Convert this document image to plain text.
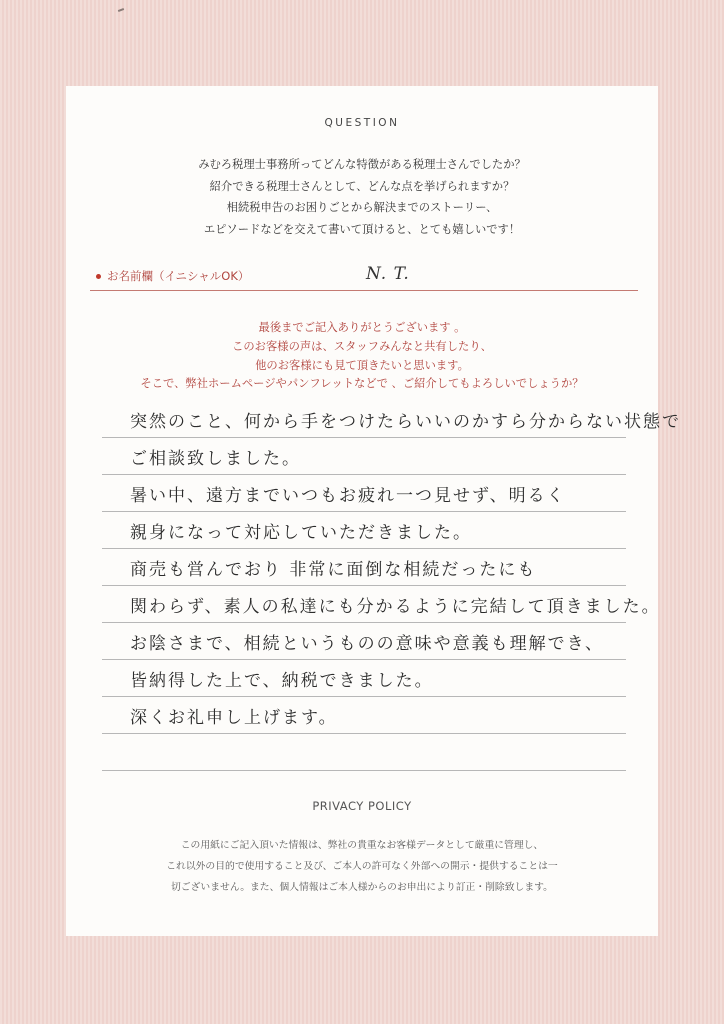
QUESTION
みむろ税理士事務所ってどんな特徴がある税理士さんでしたか？
紹介できる税理士さんとして、どんな点を挙げられますか？
相続税申告のお困りごとから解決までのストーリー、
エピソードなどを交えて書いて頂けると、とても嬉しいです！
お名前欄（イニシャルOK）	N. T.
最後までご記入ありがとうございます 。
このお客様の声は、スタッフみんなと共有したり、
他のお客様にも見て頂きたいと思います。
そこで、弊社ホームページやパンフレットなどで 、ご紹介してもよろしいでしょうか？
突然のこと、何から手をつけたらいいのかすら分からない状態で
ご相談致しました。
暑い中、遠方までいつもお疲れ一つ見せず、明るく
親身になって対応していただきました。
商売も営んでおり 非常に面倒な相続だったにも
関わらず、素人の私達にも分かるように完結して頂きました。
お陰さまで、相続というものの意味や意義も理解でき、
皆納得した上で、納税できました。
深くお礼申し上げます。
PRIVACY POLICY
この用紙にご記入頂いた情報は、弊社の貴重なお客様データとして厳重に管理し、
これ以外の目的で使用すること及び、ご本人の許可なく外部への開示・提供することは一
切ございません。また、個人情報はご本人様からのお申出により訂正・削除致します。
